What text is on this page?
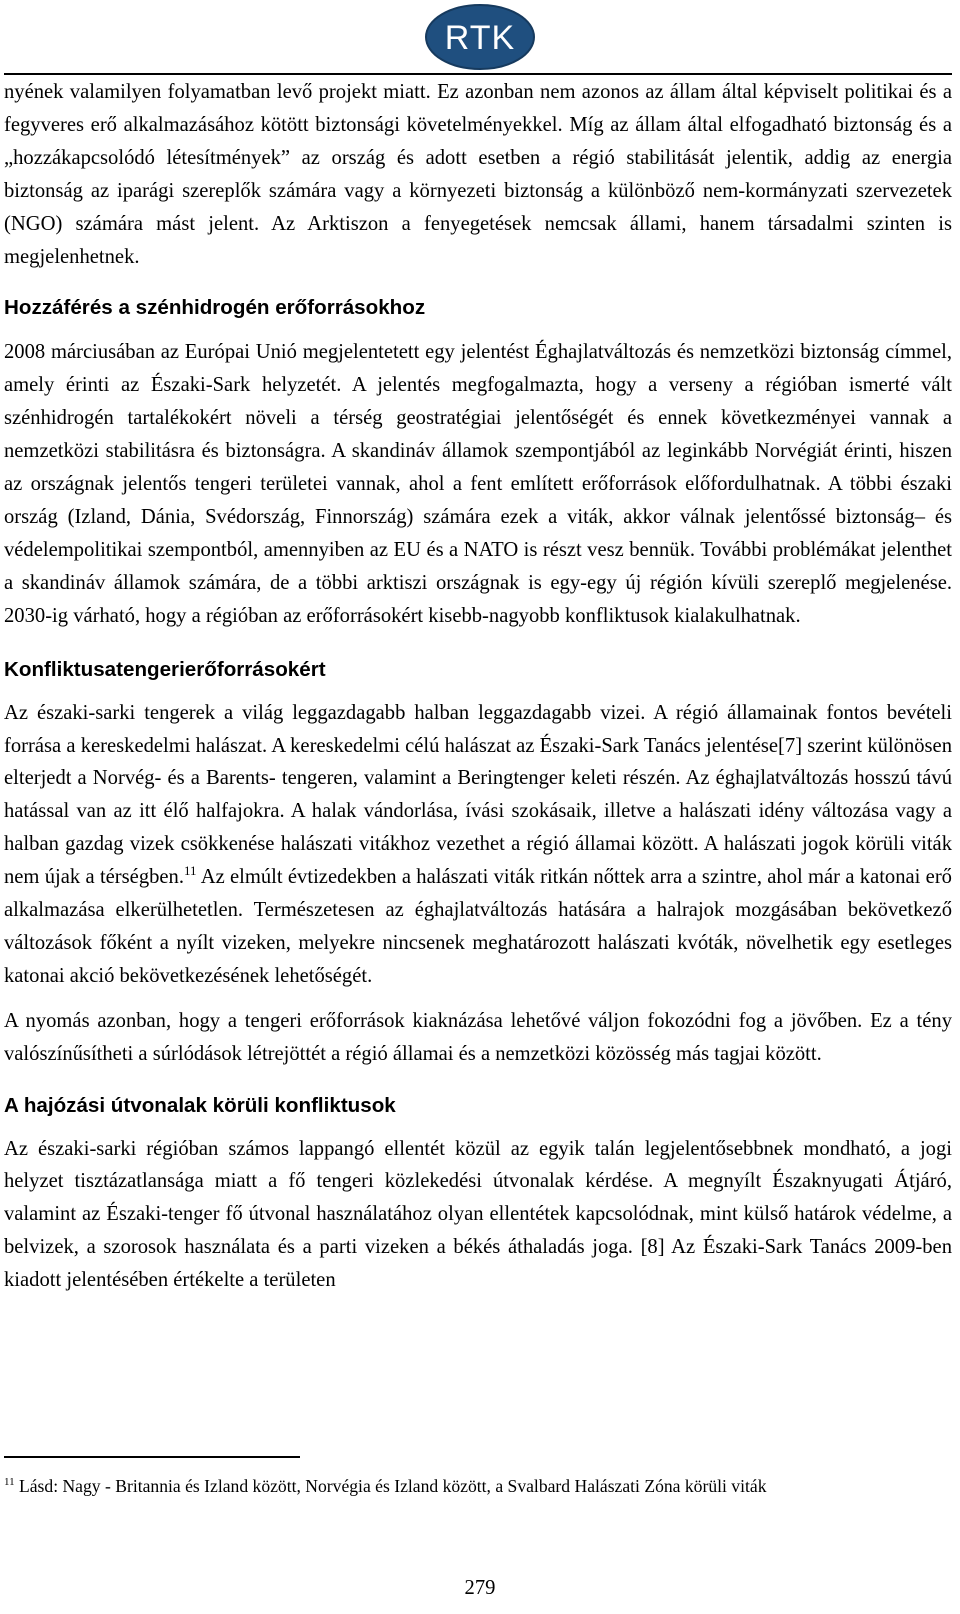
RTK

nyének valamilyen folyamatban levő projekt miatt. Ez azonban nem azonos az állam által képviselt politikai és a fegyveres erő alkalmazásához kötött biztonsági követelményekkel. Míg az állam által elfogadható biztonság és a „hozzákapcsolódó létesítmények” az ország és adott esetben a régió stabilitását jelentik, addig az energia biztonság az iparági szereplők számára vagy a környezeti biztonság a különböző nem-kormányzati szervezetek (NGO) számára mást jelent. Az Arktiszon a fenyegetések nemcsak állami, hanem társadalmi szinten is megjelenhetnek.

Hozzáférés a szénhidrogén erőforrásokhoz

2008 márciusában az Európai Unió megjelentetett egy jelentést Éghajlatváltozás és nemzetközi biztonság címmel, amely érinti az Északi-Sark helyzetét. A jelentés megfogalmazta, hogy a verseny a régióban ismerté vált szénhidrogén tartalékokért növeli a térség geostratégiai jelentőségét és ennek következményei vannak a nemzetközi stabilitásra és biztonságra. A skandináv államok szempontjából az leginkább Norvégiát érinti, hiszen az országnak jelentős tengeri területei vannak, ahol a fent említett erőforrások előfordulhatnak. A többi északi ország (Izland, Dánia, Svédország, Finnország) számára ezek a viták, akkor válnak jelentőssé biztonság– és védelempolitikai szempontból, amennyiben az EU és a NATO is részt vesz bennük. További problémákat jelenthet a skandináv államok számára, de a többi arktiszi országnak is egy-egy új régión kívüli szereplő megjelenése. 2030-ig várható, hogy a régióban az erőforrásokért kisebb-nagyobb konfliktusok kialakulhatnak.

Konfliktusatengerierőforrásokért

Az északi-sarki tengerek a világ leggazdagabb halban leggazdagabb vizei. A régió államainak fontos bevételi forrása a kereskedelmi halászat. A kereskedelmi célú halászat az Északi-Sark Tanács jelentése[7] szerint különösen elterjedt a Norvég- és a Barents- tengeren, valamint a Beringtenger keleti részén. Az éghajlatváltozás hosszú távú hatással van az itt élő halfajokra. A halak vándorlása, ívási szokásaik, illetve a halászati idény változása vagy a halban gazdag vizek csökkenése halászati vitákhoz vezethet a régió államai között. A halászati jogok körüli viták nem újak a térségben.$^{11}$ Az elmúlt évtizedekben a halászati viták ritkán nőttek arra a szintre, ahol már a katonai erő alkalmazása elkerülhetetlen. Természetesen az éghajlatváltozás hatására a halrajok mozgásában bekövetkező változások főként a nyílt vizeken, melyekre nincsenek meghatározott halászati kvóták, növelhetik egy esetleges katonai akció bekövetkezésének lehetőségét.

A nyomás azonban, hogy a tengeri erőforrások kiaknázása lehetővé váljon fokozódni fog a jövőben. Ez a tény valószínűsítheti a súrlódások létrejöttét a régió államai és a nemzetközi közösség más tagjai között.

A hajózási útvonalak körüli konfliktusok

Az északi-sarki régióban számos lappangó ellentét közül az egyik talán legjelentősebbnek mondható, a jogi helyzet tisztázatlansága miatt a fő tengeri közlekedési útvonalak kérdése. A megnyílt Északnyugati Átjáró, valamint az Északi-tenger fő útvonal használatához olyan ellentétek kapcsolódnak, mint külső határok védelme, a belvizek, a szorosok használata és a parti vizeken a békés áthaladás joga. [8] Az Északi-Sark Tanács 2009-ben kiadott jelentésében értékelte a területen

$^{11}$ Lásd: Nagy - Britannia és Izland között, Norvégia és Izland között, a Svalbard Halászati Zóna körüli viták
279
